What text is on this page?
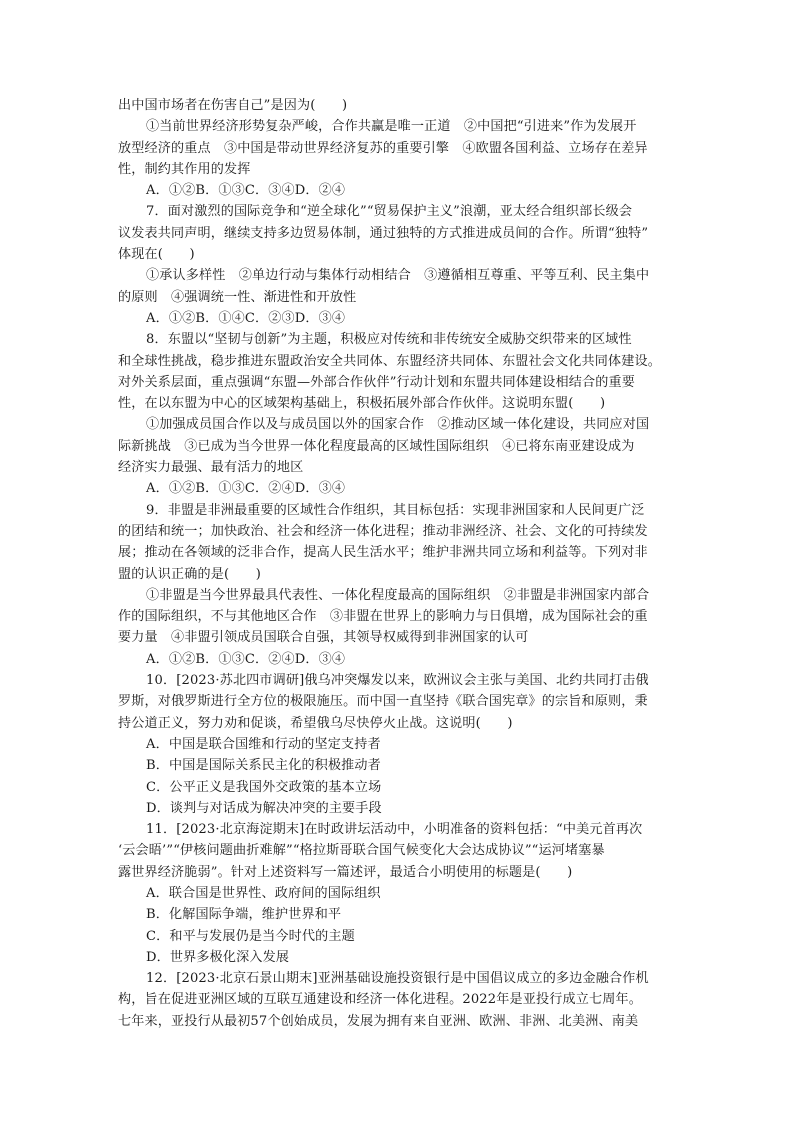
出中国市场者在伤害自己”是因为(　　)
①当前世界经济形势复杂严峻，合作共赢是唯一正道　②中国把“引进来”作为发展开
放型经济的重点　③中国是带动世界经济复苏的重要引擎　④欧盟各国利益、立场存在差异
性，制约其作用的发挥
A．①②B．①③C．③④D．②④
7．面对激烈的国际竞争和“逆全球化”“贸易保护主义”浪潮，亚太经合组织部长级会
议发表共同声明，继续支持多边贸易体制，通过独特的方式推进成员间的合作。所谓“独特”
体现在(　　)
①承认多样性　②单边行动与集体行动相结合　③遵循相互尊重、平等互利、民主集中
的原则　④强调统一性、渐进性和开放性
A．①②B．①④C．②③D．③④
8．东盟以“坚韧与创新”为主题，积极应对传统和非传统安全威胁交织带来的区域性
和全球性挑战，稳步推进东盟政治安全共同体、东盟经济共同体、东盟社会文化共同体建设。
对外关系层面，重点强调“东盟—外部合作伙伴”行动计划和东盟共同体建设相结合的重要
性，在以东盟为中心的区域架构基础上，积极拓展外部合作伙伴。这说明东盟(　　)
①加强成员国合作以及与成员国以外的国家合作　②推动区域一体化建设，共同应对国
际新挑战　③已成为当今世界一体化程度最高的区域性国际组织　④已将东南亚建设成为
经济实力最强、最有活力的地区
A．①②B．①③C．②④D．③④
9．非盟是非洲最重要的区域性合作组织，其目标包括：实现非洲国家和人民间更广泛
的团结和统一；加快政治、社会和经济一体化进程；推动非洲经济、社会、文化的可持续发
展；推动在各领域的泛非合作，提高人民生活水平；维护非洲共同立场和利益等。下列对非
盟的认识正确的是(　　)
①非盟是当今世界最具代表性、一体化程度最高的国际组织　②非盟是非洲国家内部合
作的国际组织，不与其他地区合作　③非盟在世界上的影响力与日俱增，成为国际社会的重
要力量　④非盟引领成员国联合自强，其领导权威得到非洲国家的认可
A．①②B．①③C．②④D．③④
10．[2023·苏北四市调研]俄乌冲突爆发以来，欧洲议会主张与美国、北约共同打击俄
罗斯，对俄罗斯进行全方位的极限施压。而中国一直坚持《联合国宪章》的宗旨和原则，秉
持公道正义，努力劝和促谈，希望俄乌尽快停火止战。这说明(　　)
A．中国是联合国维和行动的坚定支持者
B．中国是国际关系民主化的积极推动者
C．公平正义是我国外交政策的基本立场
D．谈判与对话成为解决冲突的主要手段
11．[2023·北京海淀期末]在时政讲坛活动中，小明准备的资料包括：“中美元首再次
‘云会晤’”“伊核问题曲折难解”“格拉斯哥联合国气候变化大会达成协议”“运河堵塞暴
露世界经济脆弱”。针对上述资料写一篇述评，最适合小明使用的标题是(　　)
A．联合国是世界性、政府间的国际组织
B．化解国际争端，维护世界和平
C．和平与发展仍是当今时代的主题
D．世界多极化深入发展
12．[2023·北京石景山期末]亚洲基础设施投资银行是中国倡议成立的多边金融合作机
构，旨在促进亚洲区域的互联互通建设和经济一体化进程。2022年是亚投行成立七周年。
七年来，亚投行从最初57个创始成员，发展为拥有来自亚洲、欧洲、非洲、北美洲、南美
